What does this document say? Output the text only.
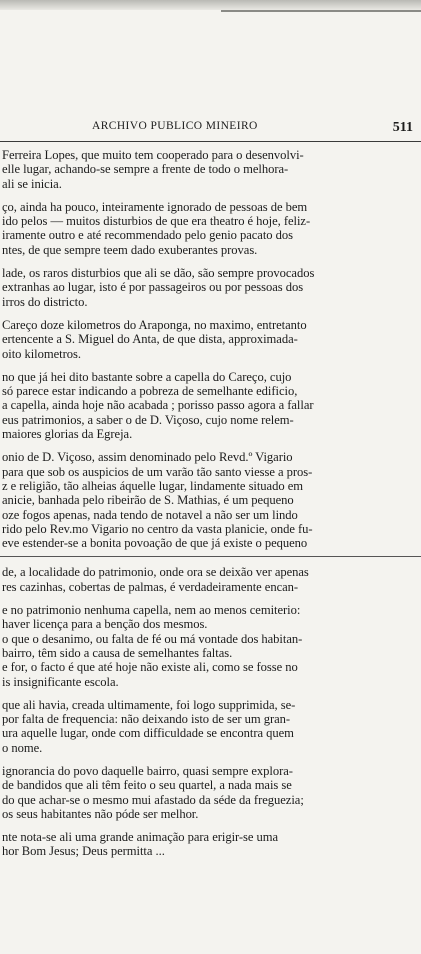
ARCHIVO PUBLICO MINEIRO	511
Ferreira Lopes, que muito tem cooperado para o desenvolvi-
elle lugar, achando-se sempre a frente de todo o melhora-
ali se inicia.
ço, ainda ha pouco, inteiramente ignorado de pessoas de bem
ido pelos — muitos disturbios de que era theatro é hoje, feliz-
iramente outro e até recommendado pelo genio pacato dos
ntes, de que sempre teem dado exuberantes provas.
lade, os raros disturbios que ali se dão, são sempre provocados
extranhas ao lugar, isto é por passageiros ou por pessoas dos
irros do districto.
Careço doze kilometros do Araponga, no maximo, entretanto
ertencente a S. Miguel do Anta, de que dista, approximada-
oito kilometros.
no que já hei dito bastante sobre a capella do Careço, cujo
só parece estar indicando a pobreza de semelhante edificio,
a capella, ainda hoje não acabada ; porisso passo agora a fallar
eus patrimonios, a saber o de D. Viçoso, cujo nome relem-
maiores glorias da Egreja.
onio de D. Viçoso, assim denominado pelo Revd.º Vigario
para que sob os auspicios de um varão tão santo viesse a pros-
z e religião, tão alheias áquelle lugar, lindamente situado em
anicie, banhada pelo ribeirão de S. Mathias, é um pequeno
oze fogos apenas, nada tendo de notavel a não ser um lindo
rido pelo Rev.mo Vigario no centro da vasta planicie, onde fu-
eve estender-se a bonita povoação de que já existe o pequeno
de, a localidade do patrimonio, onde ora se deixão ver apenas
res cazinhas, cobertas de palmas, é verdadeiramente encan-
e no patrimonio nenhuma capella, nem ao menos cemiterio:
haver licença para a benção dos mesmos.
o que o desanimo, ou falta de fé ou má vontade dos habitan-
bairro, têm sido a causa de semelhantes faltas.
e for, o facto é que até hoje não existe ali, como se fosse no
is insignificante escola.
que ali havia, creada ultimamente, foi logo supprimida, se-
por falta de frequencia: não deixando isto de ser um gran-
ura aquelle lugar, onde com difficuldade se encontra quem
o nome.
ignorancia do povo daquelle bairro, quasi sempre explora-
de bandidos que ali têm feito o seu quartel, a nada mais se
do que achar-se o mesmo mui afastado da séde da freguezia;
os seus habitantes não póde ser melhor.
nte nota-se ali uma grande animação para erigir-se uma
hor Bom Jesus; Deus permitta ...
